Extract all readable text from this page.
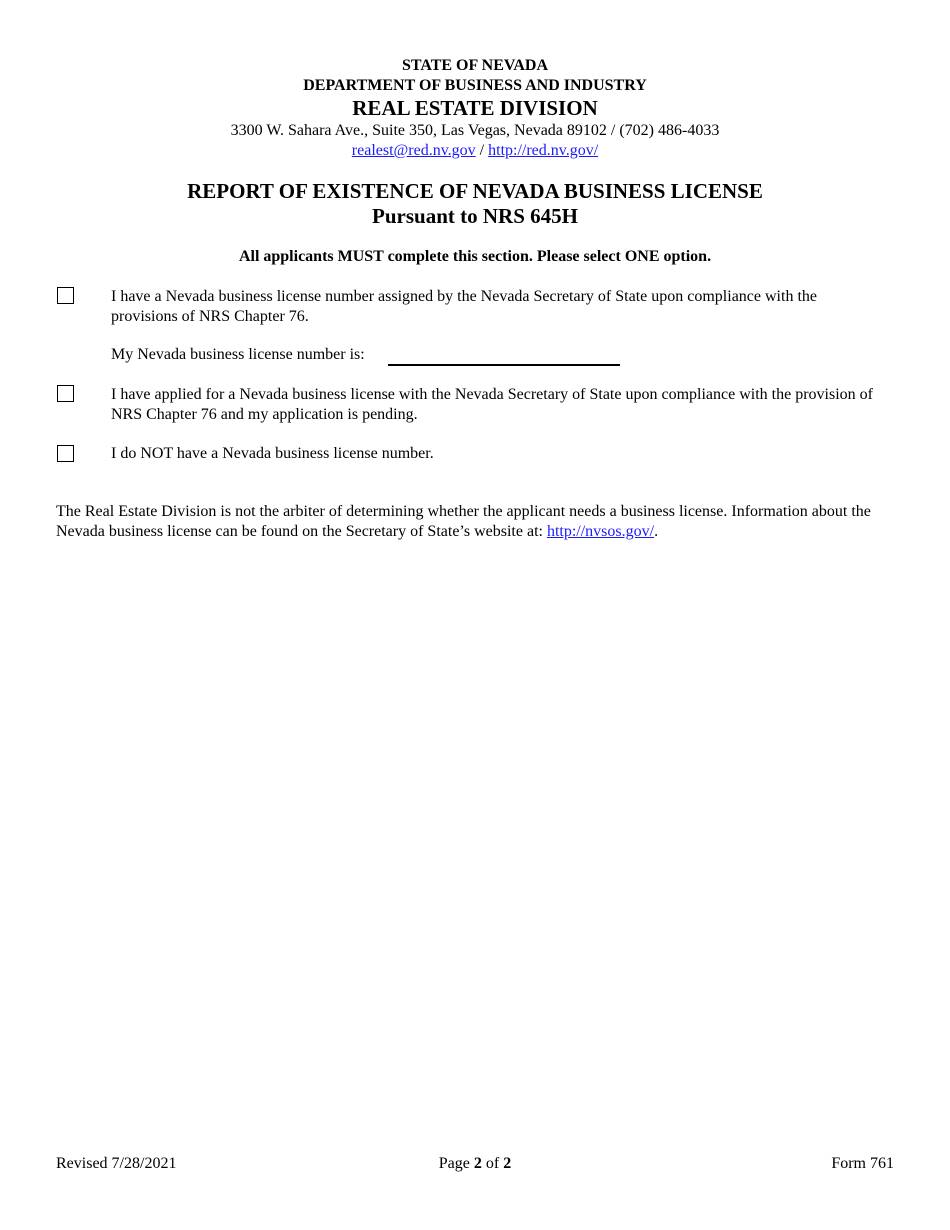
STATE OF NEVADA
DEPARTMENT OF BUSINESS AND INDUSTRY
REAL ESTATE DIVISION
3300 W. Sahara Ave., Suite 350, Las Vegas, Nevada 89102 / (702) 486-4033
realest@red.nv.gov / http://red.nv.gov/
REPORT OF EXISTENCE OF NEVADA BUSINESS LICENSE
Pursuant to NRS 645H
All applicants MUST complete this section. Please select ONE option.
I have a Nevada business license number assigned by the Nevada Secretary of State upon compliance with the provisions of NRS Chapter 76.
My Nevada business license number is:
I have applied for a Nevada business license with the Nevada Secretary of State upon compliance with the provision of NRS Chapter 76 and my application is pending.
I do NOT have a Nevada business license number.
The Real Estate Division is not the arbiter of determining whether the applicant needs a business license. Information about the Nevada business license can be found on the Secretary of State’s website at: http://nvsos.gov/.
Revised 7/28/2021	Page 2 of 2	Form 761
